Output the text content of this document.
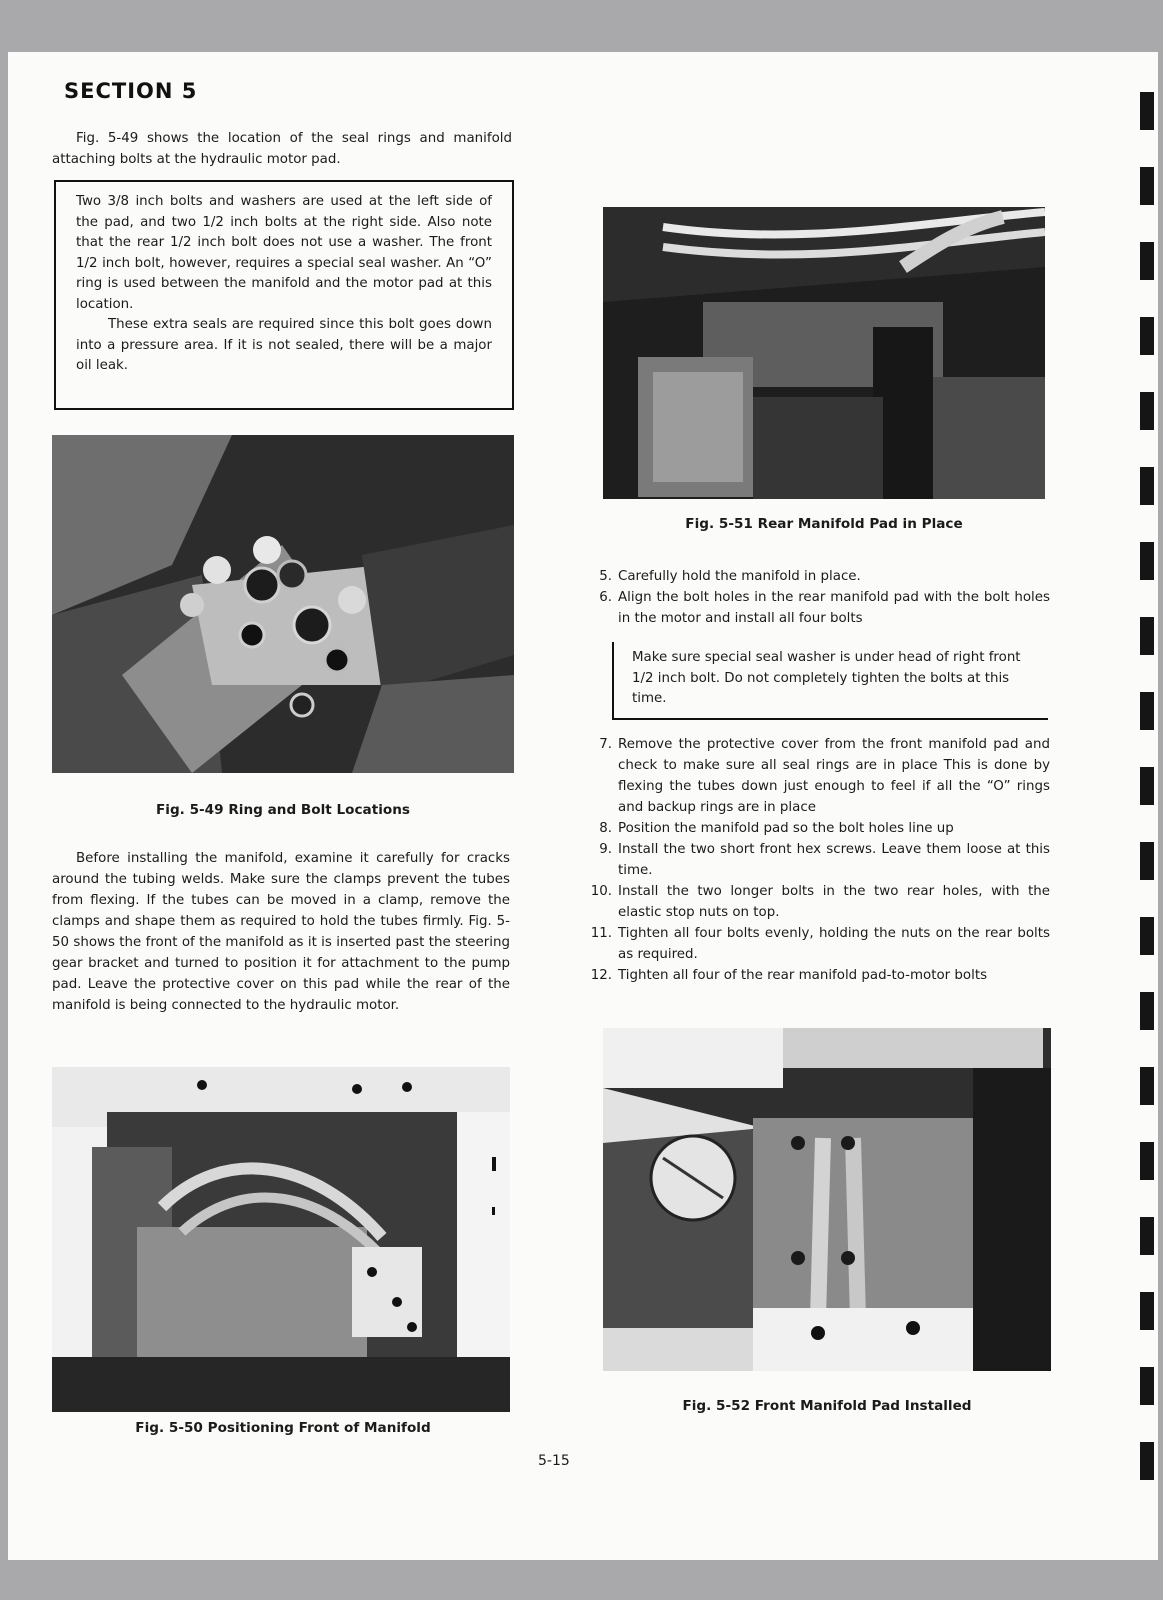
SECTION 5

Fig. 5-49 shows the location of the seal rings and manifold attaching bolts at the hydraulic motor pad.

Two 3/8 inch bolts and washers are used at the left side of the pad, and two 1/2 inch bolts at the right side. Also note that the rear 1/2 inch bolt does not use a washer. The front 1/2 inch bolt, however, requires a special seal washer. An “O” ring is used between the manifold and the motor pad at this location.

These extra seals are required since this bolt goes down into a pressure area. If it is not sealed, there will be a major oil leak.

Fig. 5-49 Ring and Bolt Locations

Before installing the manifold, examine it carefully for cracks around the tubing welds. Make sure the clamps prevent the tubes from flexing. If the tubes can be moved in a clamp, remove the clamps and shape them as required to hold the tubes firmly. Fig. 5-50 shows the front of the manifold as it is inserted past the steering gear bracket and turned to position it for attachment to the pump pad. Leave the protective cover on this pad while the rear of the manifold is being connected to the hydraulic motor.

Fig. 5-50 Positioning Front of Manifold
Fig. 5-51 Rear Manifold Pad in Place
5. Carefully hold the manifold in place.
6. Align the bolt holes in the rear manifold pad with the bolt holes in the motor and install all four bolts
Make sure special seal washer is under head of right front 1/2 inch bolt. Do not completely tighten the bolts at this time.
7. Remove the protective cover from the front manifold pad and check to make sure all seal rings are in place This is done by flexing the tubes down just enough to feel if all the “O” rings and backup rings are in place
8. Position the manifold pad so the bolt holes line up
9. Install the two short front hex screws. Leave them loose at this time.
10. Install the two longer bolts in the two rear holes, with the elastic stop nuts on top.
11. Tighten all four bolts evenly, holding the nuts on the rear bolts as required.
12. Tighten all four of the rear manifold pad-to-motor bolts
Fig. 5-52 Front Manifold Pad Installed
5-15
